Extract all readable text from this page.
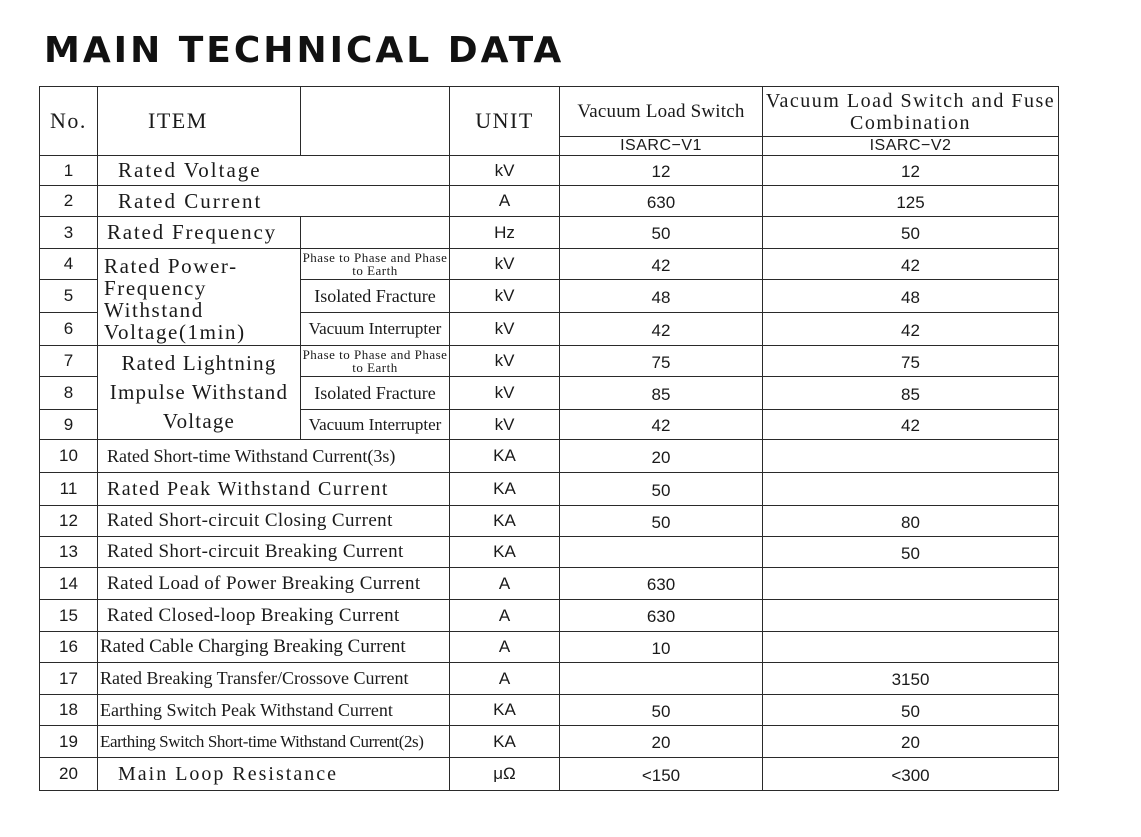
MAIN TECHNICAL DATA
No.	ITEM		UNIT	Vacuum Load Switch	Vacuum Load Switch and Fuse Combination
				ISARC−V1	ISARC−V2
1	Rated Voltage		kV	12	12
2	Rated Current		A	630	125
3	Rated Frequency		Hz	50	50
4	Rated Power-Frequency Withstand Voltage(1min)	Phase to Phase and Phase to Earth	kV	42	42
5		Isolated Fracture	kV	48	48
6		Vacuum Interrupter	kV	42	42
7	Rated Lightning Impulse Withstand Voltage	Phase to Phase and Phase to Earth	kV	75	75
8		Isolated Fracture	kV	85	85
9		Vacuum Interrupter	kV	42	42
10	Rated Short-time Withstand Current(3s)		KA	20	
11	Rated Peak Withstand Current		KA	50	
12	Rated Short-circuit Closing Current		KA	50	80
13	Rated Short-circuit Breaking Current		KA		50
14	Rated Load of Power Breaking Current		A	630	
15	Rated Closed-loop Breaking Current		A	630	
16	Rated Cable Charging Breaking Current		A	10	
17	Rated Breaking Transfer/Crossove Current		A		3150
18	Earthing Switch Peak Withstand Current		KA	50	50
19	Earthing Switch Short-time Withstand Current(2s)		KA	20	20
20	Main Loop Resistance		μΩ	<150	<300
